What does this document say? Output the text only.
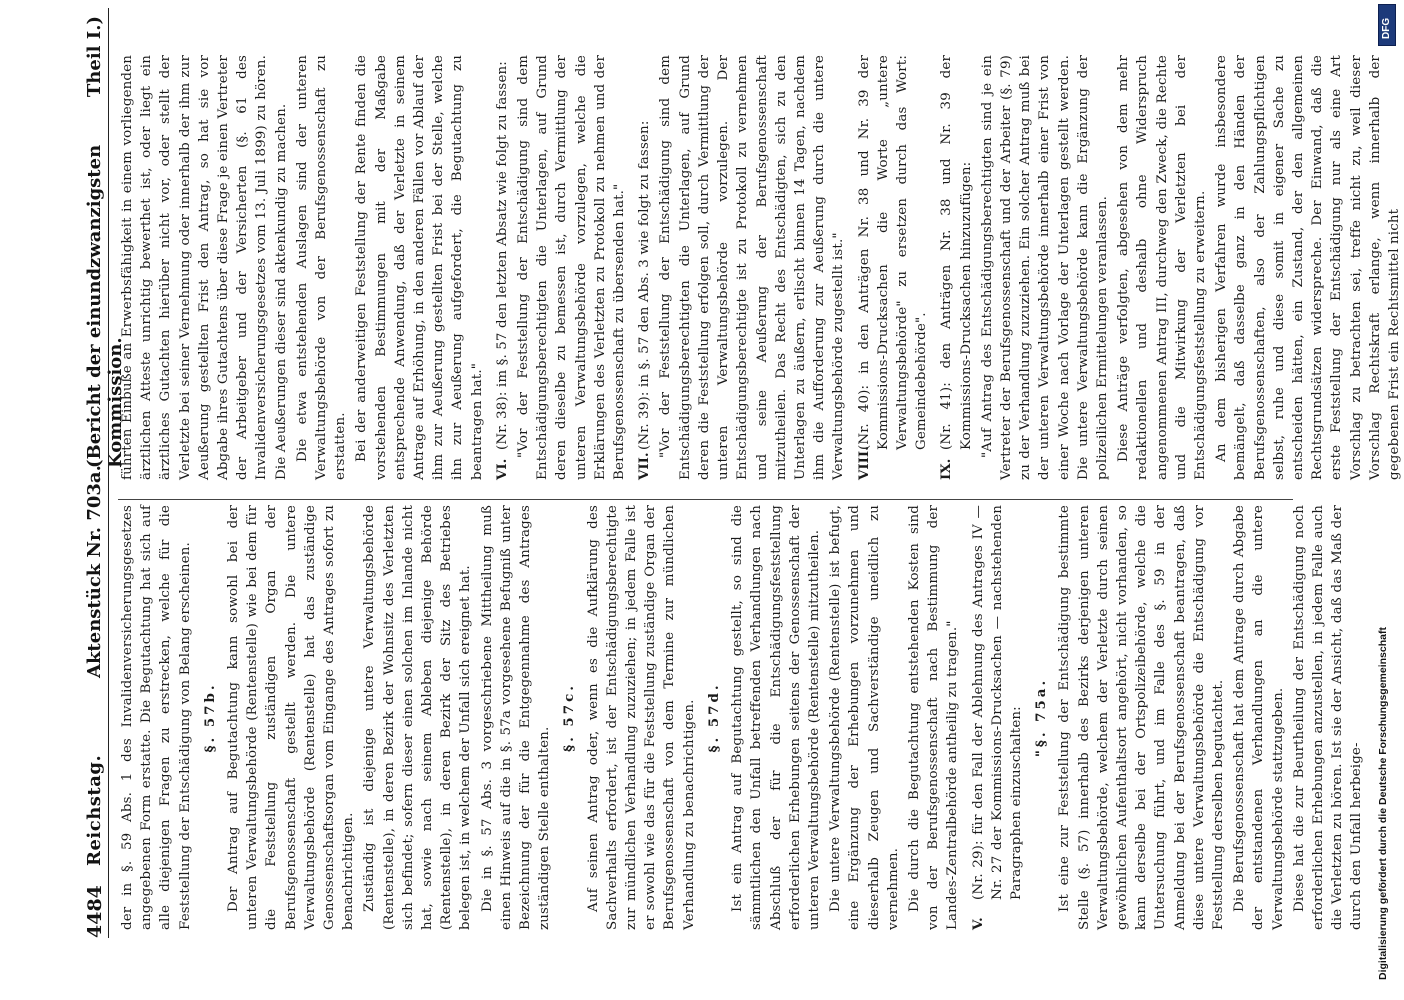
4484
Reichstag.
Aktenstück Nr. 703a.
(Bericht der einundzwanzigsten Kommission.
Theil I.)

der in §. 59 Abs. 1 des Invalidenversicherungsgesetzes angegebenen Form erstatte. Die Begutachtung hat sich auf alle diejenigen Fragen zu erstrecken, welche für die Feststellung der Entschädigung von Belang erscheinen. §. 57b. Der Antrag auf Begutachtung kann sowohl bei der unteren Verwaltungsbehörde (Rentenstelle) wie bei dem für die Feststellung zuständigen Organ der Berufsgenossenschaft gestellt werden. Die untere Verwaltungsbehörde (Rentenstelle) hat das zuständige Genossenschaftsorgan vom Eingange des Antrages sofort zu benachrichtigen. Zuständig ist diejenige untere Verwaltungsbehörde (Rentenstelle), in deren Bezirk der Wohnsitz des Verletzten sich befindet; sofern dieser einen solchen im Inlande nicht hat, sowie nach seinem Ableben diejenige Behörde (Rentenstelle), in deren Bezirk der Sitz des Betriebes belegen ist, in welchem der Unfall sich ereignet hat. Die in §. 57 Abs. 3 vorgeschriebene Mittheilung muß einen Hinweis auf die in §. 57a vorgesehene Befugniß unter Bezeichnung der für die Entgegennahme des Antrages zuständigen Stelle enthalten.

§. 57c. Auf seinen Antrag oder, wenn es die Aufklärung des Sachverhalts erfordert, ist der Entschädigungsberechtigte zur mündlichen Verhandlung zuzuziehen; in jedem Falle ist er sowohl wie das für die Feststellung zuständige Organ der Berufsgenossenschaft von dem Termine zur mündlichen Verhandlung zu benachrichtigen. §. 57d. Ist ein Antrag auf Begutachtung gestellt, so sind die sämmtlichen den Unfall betreffenden Verhandlungen nach Abschluß der für die Entschädigungsfeststellung erforderlichen Erhebungen seitens der Genossenschaft der unteren Verwaltungsbehörde (Rentenstelle) mitzutheilen. Die untere Verwaltungsbehörde (Rentenstelle) ist befugt, eine Ergänzung der Erhebungen vorzunehmen und dieserhalb Zeugen und Sachverständige uneidlich zu vernehmen. Die durch die Begutachtung entstehenden Kosten sind von der Berufsgenossenschaft nach Bestimmung der Landes-Zentralbehörde antheilig zu tragen." V.
(Nr. 29): für den Fall der Ablehnung des Antrages IV — Nr. 27 der Kommissions-Drucksachen — nachstehenden Paragraphen einzuschalten: "§. 75a. Ist eine zur Feststellung der Entschädigung bestimmte Stelle (§. 57) innerhalb des Bezirks derjenigen unteren Verwaltungsbehörde, welchem der Verletzte durch seinen gewöhnlichen Aufenthaltsort angehört, nicht vorhanden, so kann derselbe bei der Ortspolizeibehörde, welche die Untersuchung führt, und im Falle des §. 59 in der Anmeldung bei der Berufsgenossenschaft beantragen, daß diese untere Verwaltungsbehörde die Entschädigung vor Feststellung derselben begutachtet. Die Berufsgenossenschaft hat dem Antrage durch Abgabe der entstandenen Verhandlungen an die untere Verwaltungsbehörde stattzugeben. Diese hat die zur Beurtheilung der Entschädigung noch erforderlichen Erhebungen anzustellen, in jedem Falle auch die Verletzten zu hören. Ist sie der Ansicht, daß das Maß der durch den Unfall herbeige-

führten Einbuße an Erwerbsfähigkeit in einem vorliegenden ärztlichen Atteste unrichtig bewerthet ist, oder liegt ein ärztliches Gutachten hierüber nicht vor, oder stellt der Verletzte bei seiner Vernehmung oder innerhalb der ihm zur Aeußerung gestellten Frist den Antrag, so hat sie vor Abgabe ihres Gutachtens über diese Frage je einen Vertreter der Arbeitgeber und der Versicherten (§. 61 des Invalidenversicherungsgesetzes vom 13. Juli 1899) zu hören. Die Aeußerungen dieser sind aktenkundig zu machen. Die etwa entstehenden Auslagen sind der unteren Verwaltungsbehörde von der Berufsgenossenschaft zu erstatten. Bei der anderweitigen Feststellung der Rente finden die vorstehenden Bestimmungen mit der Maßgabe entsprechende Anwendung, daß der Verletzte in seinem Antrage auf Erhöhung, in den anderen Fällen vor Ablauf der ihm zur Aeußerung gestellten Frist bei der Stelle, welche ihn zur Aeußerung aufgefordert, die Begutachtung zu beantragen hat." VI.
(Nr. 38): im §. 57 den letzten Absatz wie folgt zu fassen: "Vor der Feststellung der Entschädigung sind dem Entschädigungsberechtigten die Unterlagen, auf Grund deren dieselbe zu bemessen ist, durch Vermittlung der unteren Verwaltungsbehörde vorzulegen, welche die Erklärungen des Verletzten zu Protokoll zu nehmen und der Berufsgenossenschaft zu übersenden hat." VII.
(Nr. 39): in §. 57 den Abs. 3 wie folgt zu fassen: "Vor der Feststellung der Entschädigung sind dem Entschädigungsberechtigten die Unterlagen, auf Grund deren die Feststellung erfolgen soll, durch Vermittlung der unteren Verwaltungsbehörde vorzulegen. Der Entschädigungsberechtigte ist zu Protokoll zu vernehmen und seine Aeußerung der Berufsgenossenschaft mitzutheilen. Das Recht des Entschädigten, sich zu den Unterlagen zu äußern, erlischt binnen 14 Tagen, nachdem ihm die Aufforderung zur Aeußerung durch die untere Verwaltungsbehörde zugestellt ist." VIII.
(Nr. 40): in den Anträgen Nr. 38 und Nr. 39 der Kommissions-Drucksachen die Worte „untere Verwaltungsbehörde" zu ersetzen durch das Wort: Gemeindebehörde".
IX.
(Nr. 41): den Anträgen Nr. 38 und Nr. 39 der Kommissions-Drucksachen hinzuzufügen: "Auf Antrag des Entschädigungsberechtigten sind je ein Vertreter der Berufsgenossenschaft und der Arbeiter (§. 79) zu der Verhandlung zuzuziehen. Ein solcher Antrag muß bei der unteren Verwaltungsbehörde innerhalb einer Frist von einer Woche nach Vorlage der Unterlagen gestellt werden. Die untere Verwaltungsbehörde kann die Ergänzung der polizeilichen Ermittelungen veranlassen. Diese Anträge verfolgten, abgesehen von dem mehr redaktionellen und deshalb ohne Widerspruch angenommenen Antrag III, durchweg den Zweck, die Rechte und die Mitwirkung der Verletzten bei der Entschädigungsfeststellung zu erweitern. An dem bisherigen Verfahren wurde insbesondere bemängelt, daß dasselbe ganz in den Händen der Berufsgenossenschaften, also der Zahlungspflichtigen selbst, ruhe und diese somit in eigener Sache zu entscheiden hätten, ein Zustand, der den allgemeinen Rechtsgrundsätzen widerspreche. Der Einwand, daß die erste Feststellung der Entschädigung nur als eine Art Vorschlag zu betrachten sei, treffe nicht zu, weil dieser Vorschlag Rechtskraft erlange, wenn innerhalb der gegebenen Frist ein Rechtsmittel nicht

DFG
Digitalisierung gefördert durch die Deutsche Forschungsgemeinschaft
